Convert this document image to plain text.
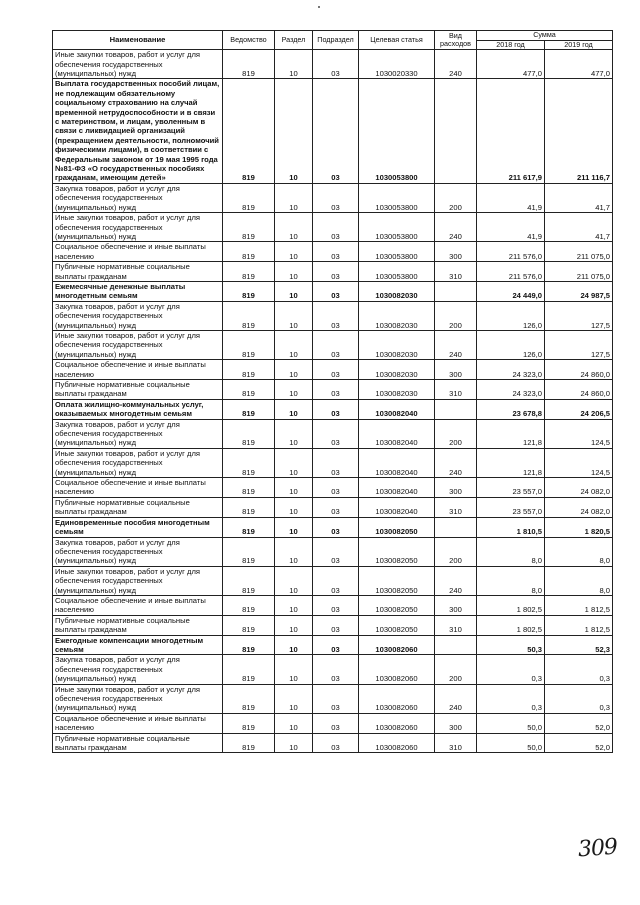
Наименование	Ведомство	Раздел	Подраздел	Целевая статья	Вид расходов	Сумма	
						2018 год	2019 год
Иные закупки товаров, работ и услуг для обеспечения государственных (муниципальных) нужд	819	10	03	1030020330	240	477,0	477,0
Выплата государственных пособий лицам, не подлежащим обязательному социальному страхованию на случай временной нетрудоспособности и в связи с материнством, и лицам, уволенным в связи с ликвидацией организаций (прекращением деятельности, полномочий физическими лицами), в соответствии с Федеральным законом от 19 мая 1995 года №81-ФЗ «О государственных пособиях гражданам, имеющим детей»	819	10	03	1030053800		211 617,9	211 116,7
Закупка товаров, работ и услуг для обеспечения государственных (муниципальных) нужд	819	10	03	1030053800	200	41,9	41,7
Иные закупки товаров, работ и услуг для обеспечения государственных (муниципальных) нужд	819	10	03	1030053800	240	41,9	41,7
Социальное обеспечение и иные выплаты населению	819	10	03	1030053800	300	211 576,0	211 075,0
Публичные нормативные социальные выплаты гражданам	819	10	03	1030053800	310	211 576,0	211 075,0
Ежемесячные денежные выплаты многодетным семьям	819	10	03	1030082030		24 449,0	24 987,5
Закупка товаров, работ и услуг для обеспечения государственных (муниципальных) нужд	819	10	03	1030082030	200	126,0	127,5
Иные закупки товаров, работ и услуг для обеспечения государственных (муниципальных) нужд	819	10	03	1030082030	240	126,0	127,5
Социальное обеспечение и иные выплаты населению	819	10	03	1030082030	300	24 323,0	24 860,0
Публичные нормативные социальные выплаты гражданам	819	10	03	1030082030	310	24 323,0	24 860,0
Оплата жилищно-коммунальных услуг, оказываемых многодетным семьям	819	10	03	1030082040		23 678,8	24 206,5
Закупка товаров, работ и услуг для обеспечения государственных (муниципальных) нужд	819	10	03	1030082040	200	121,8	124,5
Иные закупки товаров, работ и услуг для обеспечения государственных (муниципальных) нужд	819	10	03	1030082040	240	121,8	124,5
Социальное обеспечение и иные выплаты населению	819	10	03	1030082040	300	23 557,0	24 082,0
Публичные нормативные социальные выплаты гражданам	819	10	03	1030082040	310	23 557,0	24 082,0
Единовременные пособия многодетным семьям	819	10	03	1030082050		1 810,5	1 820,5
Закупка товаров, работ и услуг для обеспечения государственных (муниципальных) нужд	819	10	03	1030082050	200	8,0	8,0
Иные закупки товаров, работ и услуг для обеспечения государственных (муниципальных) нужд	819	10	03	1030082050	240	8,0	8,0
Социальное обеспечение и иные выплаты населению	819	10	03	1030082050	300	1 802,5	1 812,5
Публичные нормативные социальные выплаты гражданам	819	10	03	1030082050	310	1 802,5	1 812,5
Ежегодные компенсации многодетным семьям	819	10	03	1030082060		50,3	52,3
Закупка товаров, работ и услуг для обеспечения государственных (муниципальных) нужд	819	10	03	1030082060	200	0,3	0,3
Иные закупки товаров, работ и услуг для обеспечения государственных (муниципальных) нужд	819	10	03	1030082060	240	0,3	0,3
Социальное обеспечение и иные выплаты населению	819	10	03	1030082060	300	50,0	52,0
Публичные нормативные социальные выплаты гражданам	819	10	03	1030082060	310	50,0	52,0
309
